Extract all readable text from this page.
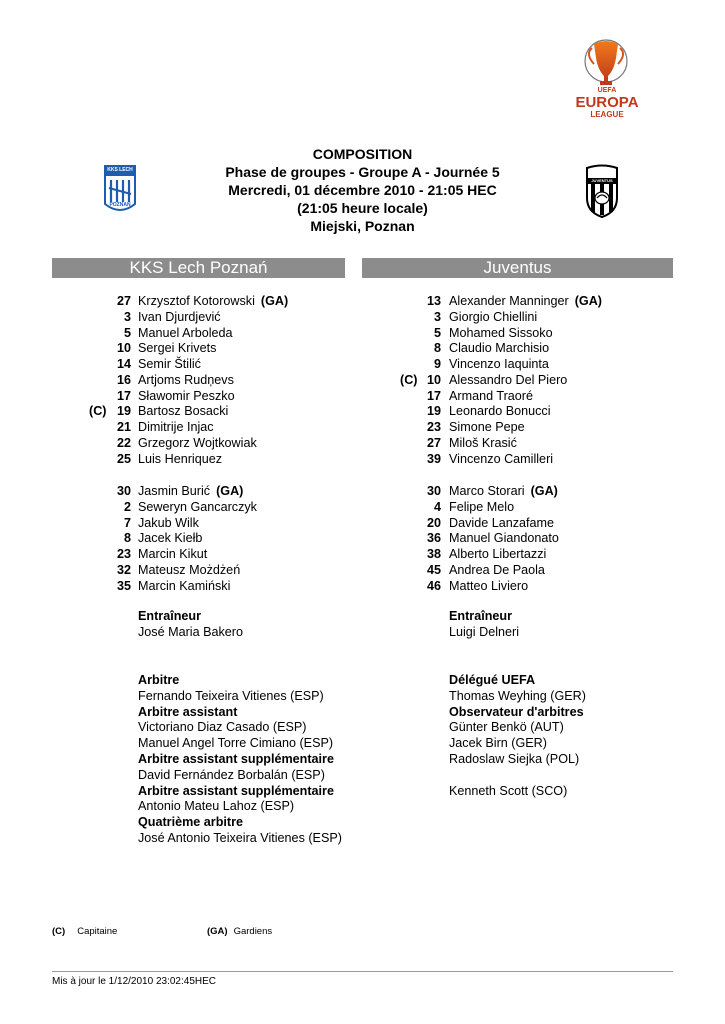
UEFA
EUROPA
LEAGUE
KKS LECH
POZNAŃ
JUVENTUS
COMPOSITION
Phase de groupes - Groupe A - Journée 5
Mercredi, 01 décembre 2010 - 21:05 HEC
(21:05 heure locale)
Miejski, Poznan
KKS Lech Poznań	Juventus
27 Krzysztof Kotorowski (GA)
3 Ivan Djurdjević
5 Manuel Arboleda
10 Sergei Krivets
14 Semir Štilić
16 Artjoms Rudņevs
17 Sławomir Peszko
(C) 19 Bartosz Bosacki
21 Dimitrije Injac
22 Grzegorz Wojtkowiak
25 Luis Henriquez
30 Jasmin Burić (GA)
2 Seweryn Gancarczyk
7 Jakub Wilk
8 Jacek Kiełb
23 Marcin Kikut
32 Mateusz Możdżeń
35 Marcin Kamiński
13 Alexander Manninger (GA)
3 Giorgio Chiellini
5 Mohamed Sissoko
8 Claudio Marchisio
9 Vincenzo Iaquinta
(C) 10 Alessandro Del Piero
17 Armand Traoré
19 Leonardo Bonucci
23 Simone Pepe
27 Miloš Krasić
39 Vincenzo Camilleri
30 Marco Storari (GA)
4 Felipe Melo
20 Davide Lanzafame
36 Manuel Giandonato
38 Alberto Libertazzi
45 Andrea De Paola
46 Matteo Liviero
Entraîneur
José Maria Bakero
Entraîneur
Luigi Delneri
Arbitre
Fernando Teixeira Vitienes (ESP)
Arbitre assistant
Victoriano Diaz Casado (ESP)
Manuel Angel Torre Cimiano (ESP)
Arbitre assistant supplémentaire
David Fernández Borbalán (ESP)
Arbitre assistant supplémentaire
Antonio Mateu Lahoz (ESP)
Quatrième arbitre
José Antonio Teixeira Vitienes (ESP)
Délégué UEFA
Thomas Weyhing (GER)
Observateur d'arbitres
Günter Benkö (AUT)
Jacek Birn (GER)
Radoslaw Siejka (POL)
Kenneth Scott (SCO)
(C) Capitaine	(GA) Gardiens
Mis à jour le 1/12/2010 23:02:45HEC
